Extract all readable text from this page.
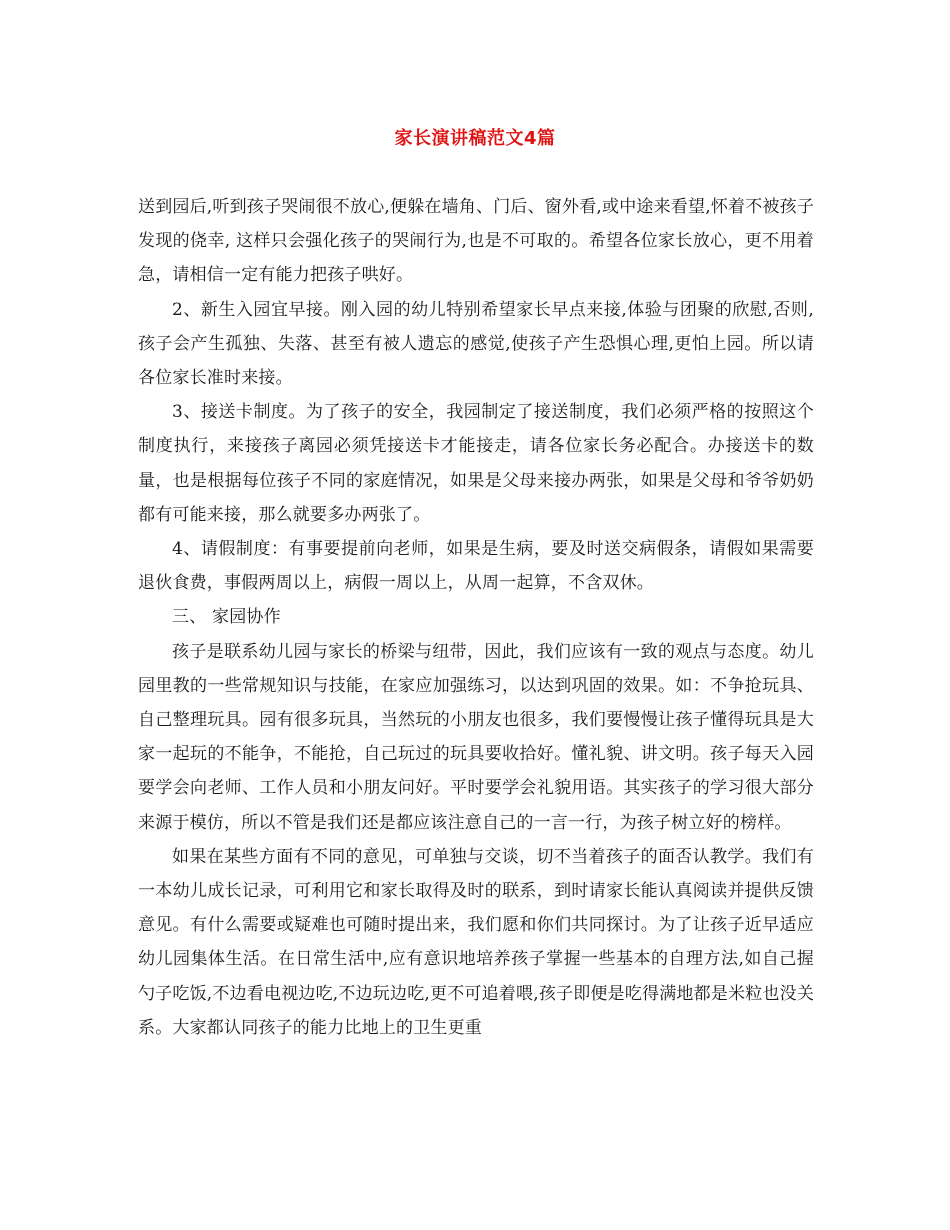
家长演讲稿范文4篇

送到园后,听到孩子哭闹很不放心,便躲在墙角、门后、窗外看,或中途来看望,怀着不被孩子发现的侥幸, 这样只会强化孩子的哭闹行为,也是不可取的。希望各位家长放心，更不用着急，请相信一定有能力把孩子哄好。

2、新生入园宜早接。刚入园的幼儿特别希望家长早点来接,体验与团聚的欣慰,否则,孩子会产生孤独、失落、甚至有被人遗忘的感觉,使孩子产生恐惧心理,更怕上园。所以请各位家长准时来接。

3、接送卡制度。为了孩子的安全，我园制定了接送制度，我们必须严格的按照这个制度执行，来接孩子离园必须凭接送卡才能接走，请各位家长务必配合。办接送卡的数量，也是根据每位孩子不同的家庭情况，如果是父母来接办两张，如果是父母和爷爷奶奶都有可能来接，那么就要多办两张了。

4、请假制度：有事要提前向老师，如果是生病，要及时送交病假条，请假如果需要退伙食费，事假两周以上，病假一周以上，从周一起算，不含双休。

三、 家园协作

孩子是联系幼儿园与家长的桥梁与纽带，因此，我们应该有一致的观点与态度。幼儿园里教的一些常规知识与技能，在家应加强练习，以达到巩固的效果。如：不争抢玩具、自己整理玩具。园有很多玩具，当然玩的小朋友也很多，我们要慢慢让孩子懂得玩具是大家一起玩的不能争，不能抢，自己玩过的玩具要收拾好。懂礼貌、讲文明。孩子每天入园要学会向老师、工作人员和小朋友问好。平时要学会礼貌用语。其实孩子的学习很大部分来源于模仿，所以不管是我们还是都应该注意自己的一言一行，为孩子树立好的榜样。

如果在某些方面有不同的意见，可单独与交谈，切不当着孩子的面否认教学。我们有一本幼儿成长记录，可利用它和家长取得及时的联系，到时请家长能认真阅读并提供反馈意见。有什么需要或疑难也可随时提出来，我们愿和你们共同探讨。为了让孩子近早适应幼儿园集体生活。在日常生活中,应有意识地培养孩子掌握一些基本的自理方法,如自己握勺子吃饭,不边看电视边吃,不边玩边吃,更不可追着喂,孩子即便是吃得满地都是米粒也没关系。大家都认同孩子的能力比地上的卫生更重
